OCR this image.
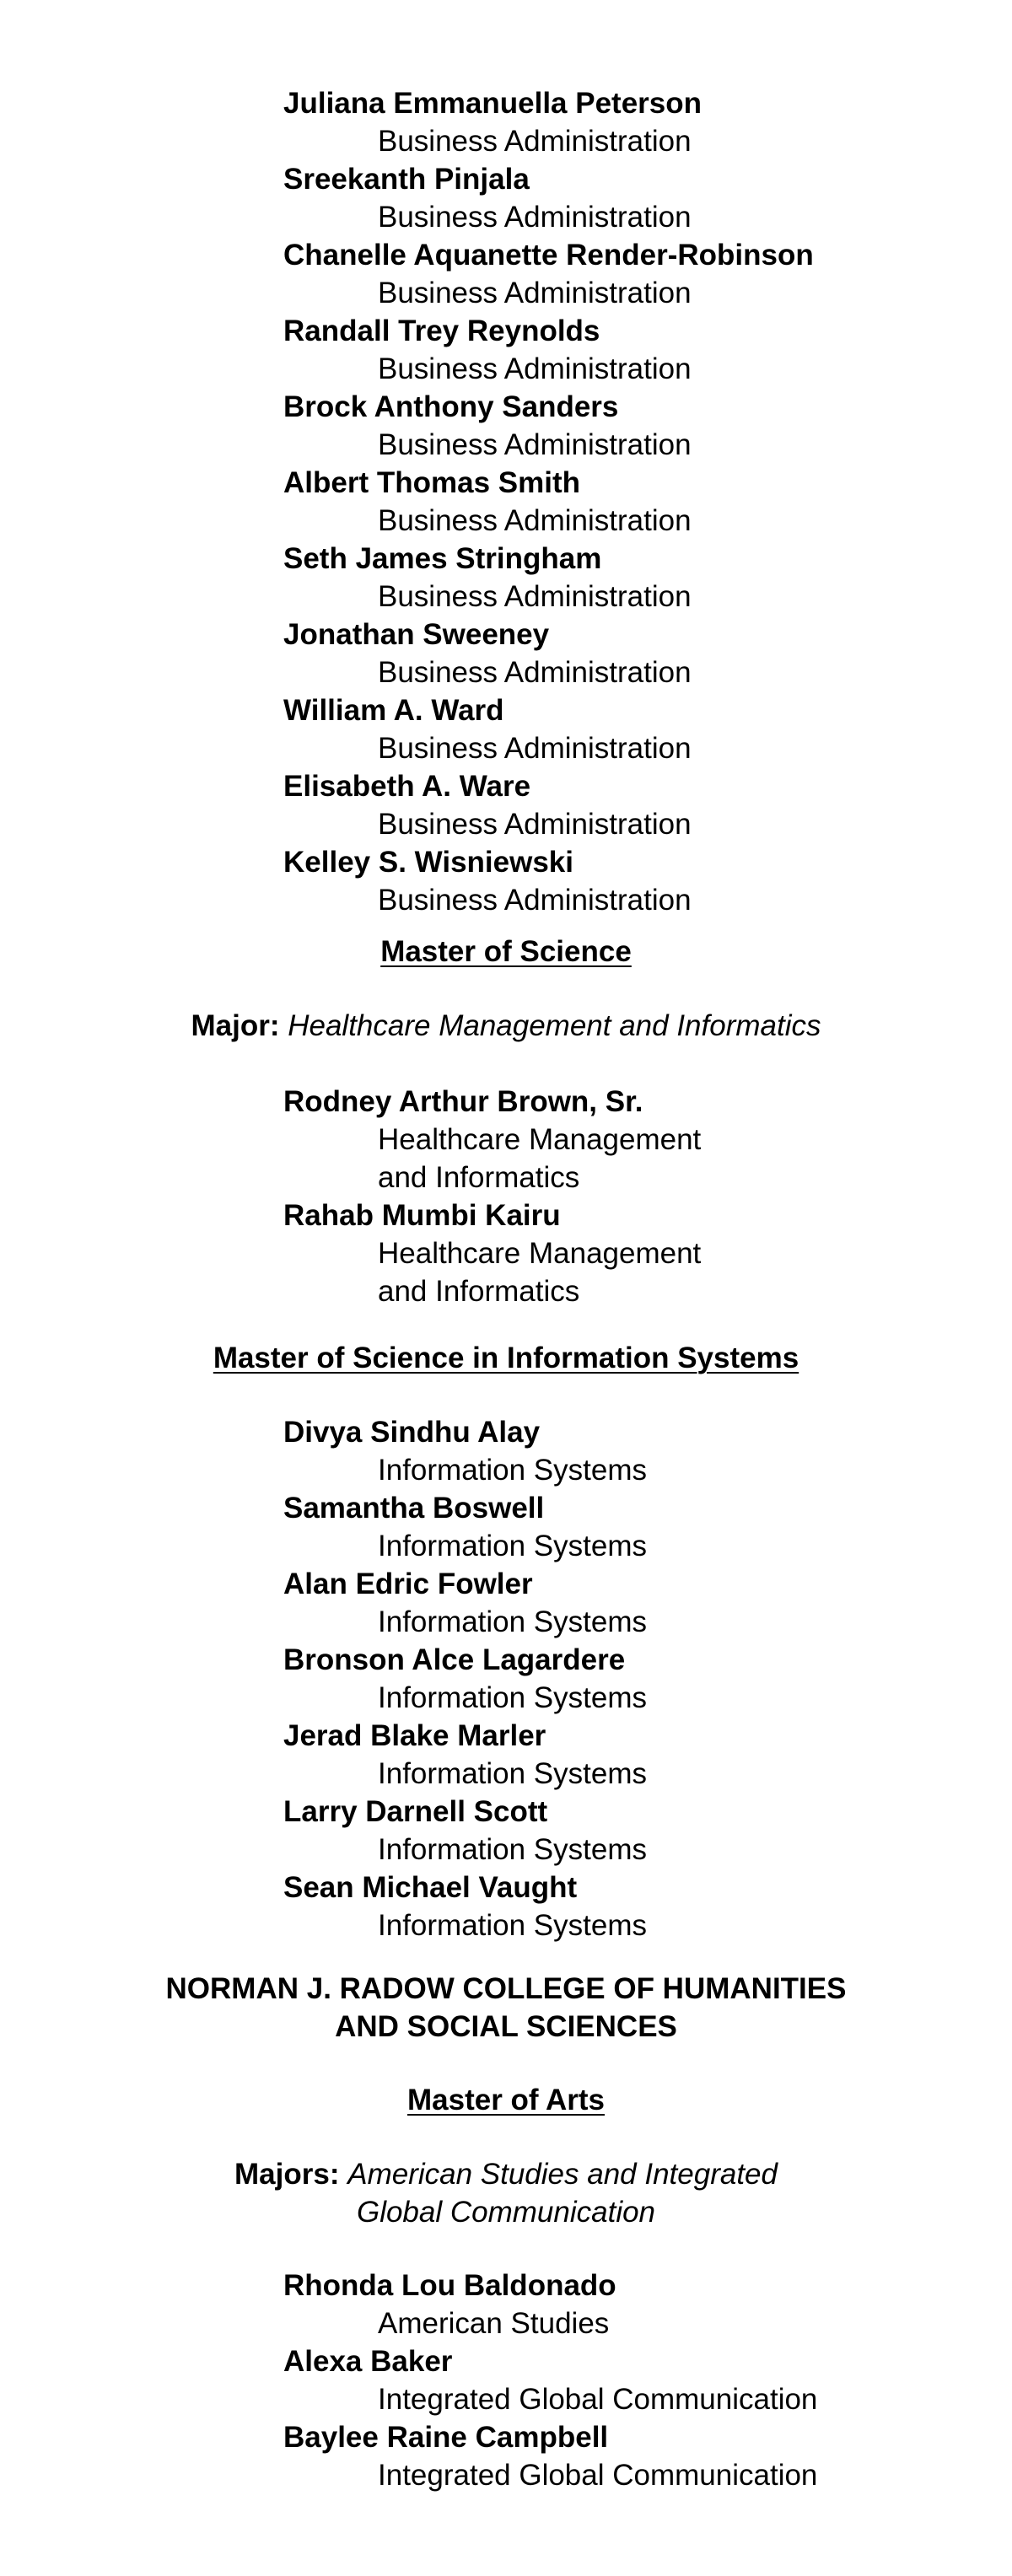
Juliana Emmanuella Peterson
Business Administration
Sreekanth Pinjala
Business Administration
Chanelle Aquanette Render-Robinson
Business Administration
Randall Trey Reynolds
Business Administration
Brock Anthony Sanders
Business Administration
Albert Thomas Smith
Business Administration
Seth James Stringham
Business Administration
Jonathan Sweeney
Business Administration
William A. Ward
Business Administration
Elisabeth A. Ware
Business Administration
Kelley S. Wisniewski
Business Administration
Master of Science
Major: Healthcare Management and Informatics
Rodney Arthur Brown, Sr.
Healthcare Management
and Informatics
Rahab Mumbi Kairu
Healthcare Management
and Informatics
Master of Science in Information Systems
Divya Sindhu Alay
Information Systems
Samantha Boswell
Information Systems
Alan Edric Fowler
Information Systems
Bronson Alce Lagardere
Information Systems
Jerad Blake Marler
Information Systems
Larry Darnell Scott
Information Systems
Sean Michael Vaught
Information Systems
NORMAN J. RADOW COLLEGE OF HUMANITIES
AND SOCIAL SCIENCES
Master of Arts
Majors: American Studies and Integrated
Global Communication
Rhonda Lou Baldonado
American Studies
Alexa Baker
Integrated Global Communication
Baylee Raine Campbell
Integrated Global Communication
